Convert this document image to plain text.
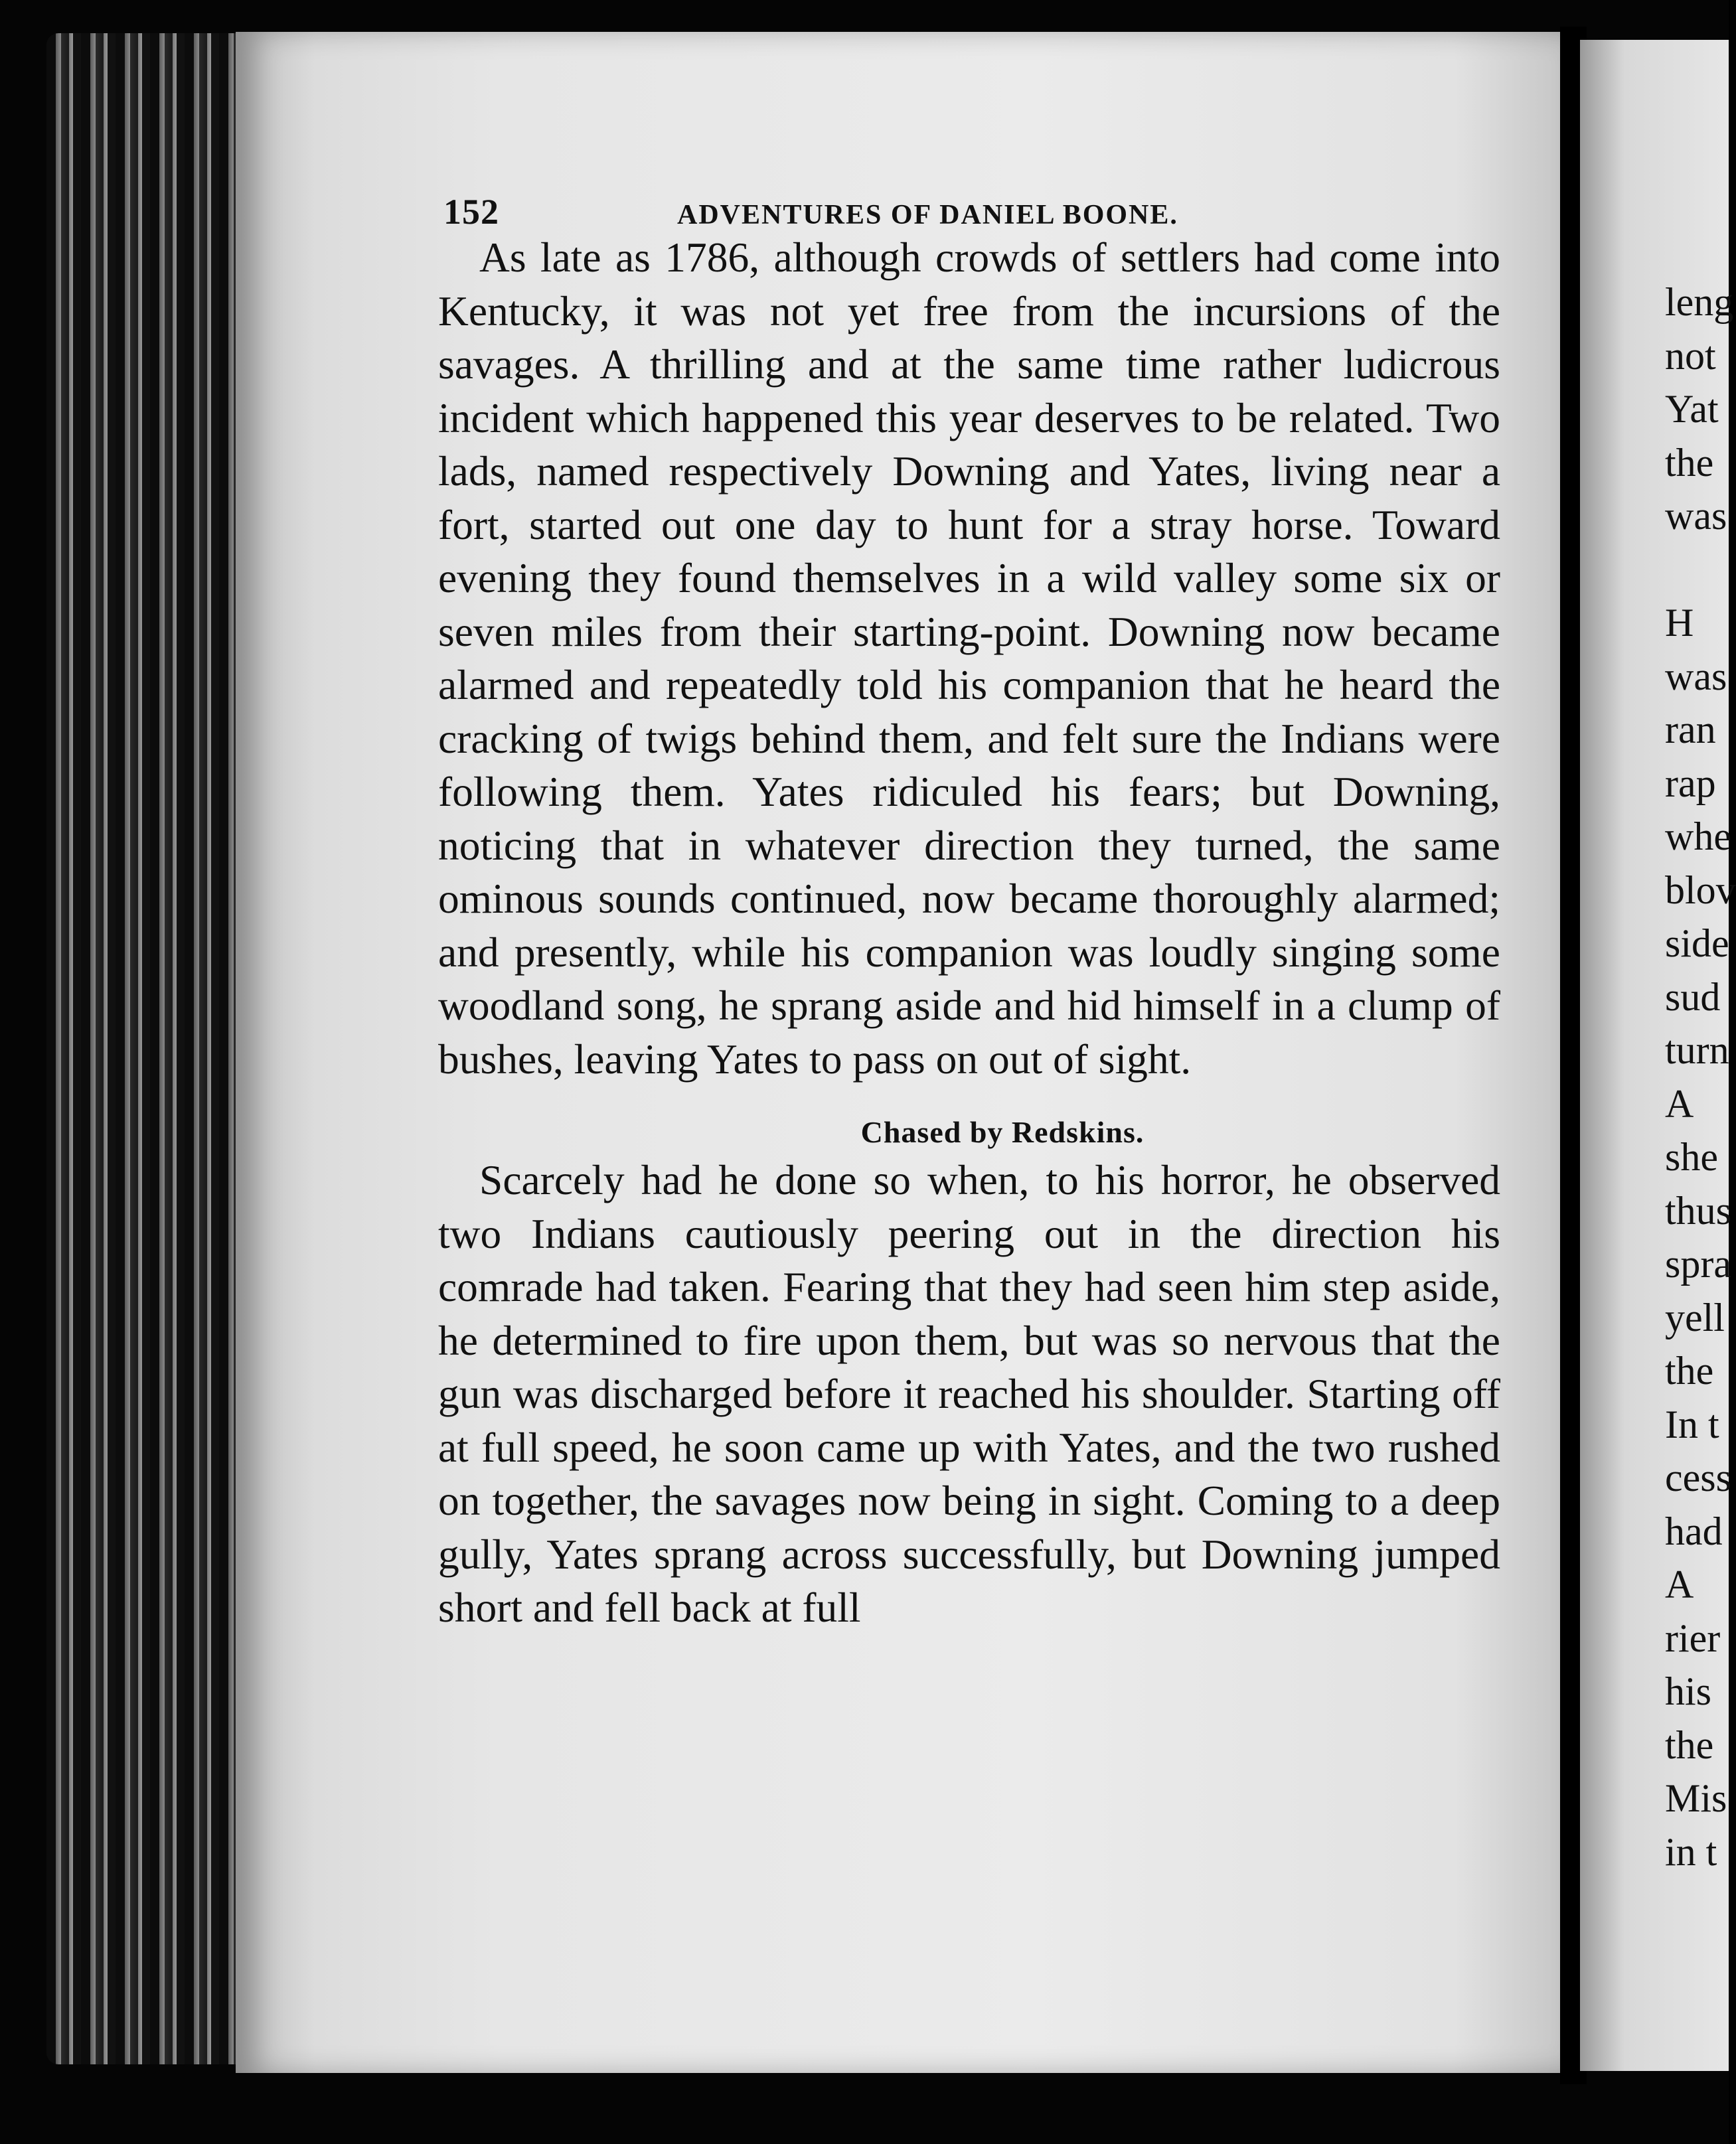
152	ADVENTURES OF DANIEL BOONE.

As late as 1786, although crowds of settlers had come into Kentucky, it was not yet free from the incursions of the savages. A thrilling and at the same time rather ludicrous incident which happened this year deserves to be related. Two lads, named respectively Downing and Yates, living near a fort, started out one day to hunt for a stray horse. Toward evening they found themselves in a wild valley some six or seven miles from their starting-point. Downing now became alarmed and repeatedly told his companion that he heard the cracking of twigs behind them, and felt sure the Indians were following them. Yates ridiculed his fears; but Downing, noticing that in whatever direction they turned, the same ominous sounds continued, now became thoroughly alarmed; and presently, while his companion was loudly singing some woodland song, he sprang aside and hid himself in a clump of bushes, leaving Yates to pass on out of sight.

Chased by Redskins.

Scarcely had he done so when, to his horror, he observed two Indians cautiously peering out in the direction his comrade had taken. Fearing that they had seen him step aside, he determined to fire upon them, but was so nervous that the gun was discharged before it reached his shoulder. Starting off at full speed, he soon came up with Yates, and the two rushed on together, the savages now being in sight. Coming to a deep gully, Yates sprang across successfully, but Downing jumped short and fell back at full

leng
not
Yat
the
was
H
was
ran
rap
whe
blov
side
sud
turn
A
she
thus
spra
yell
the
In t
cess
had
A
rier
his
the
Mis
in t
